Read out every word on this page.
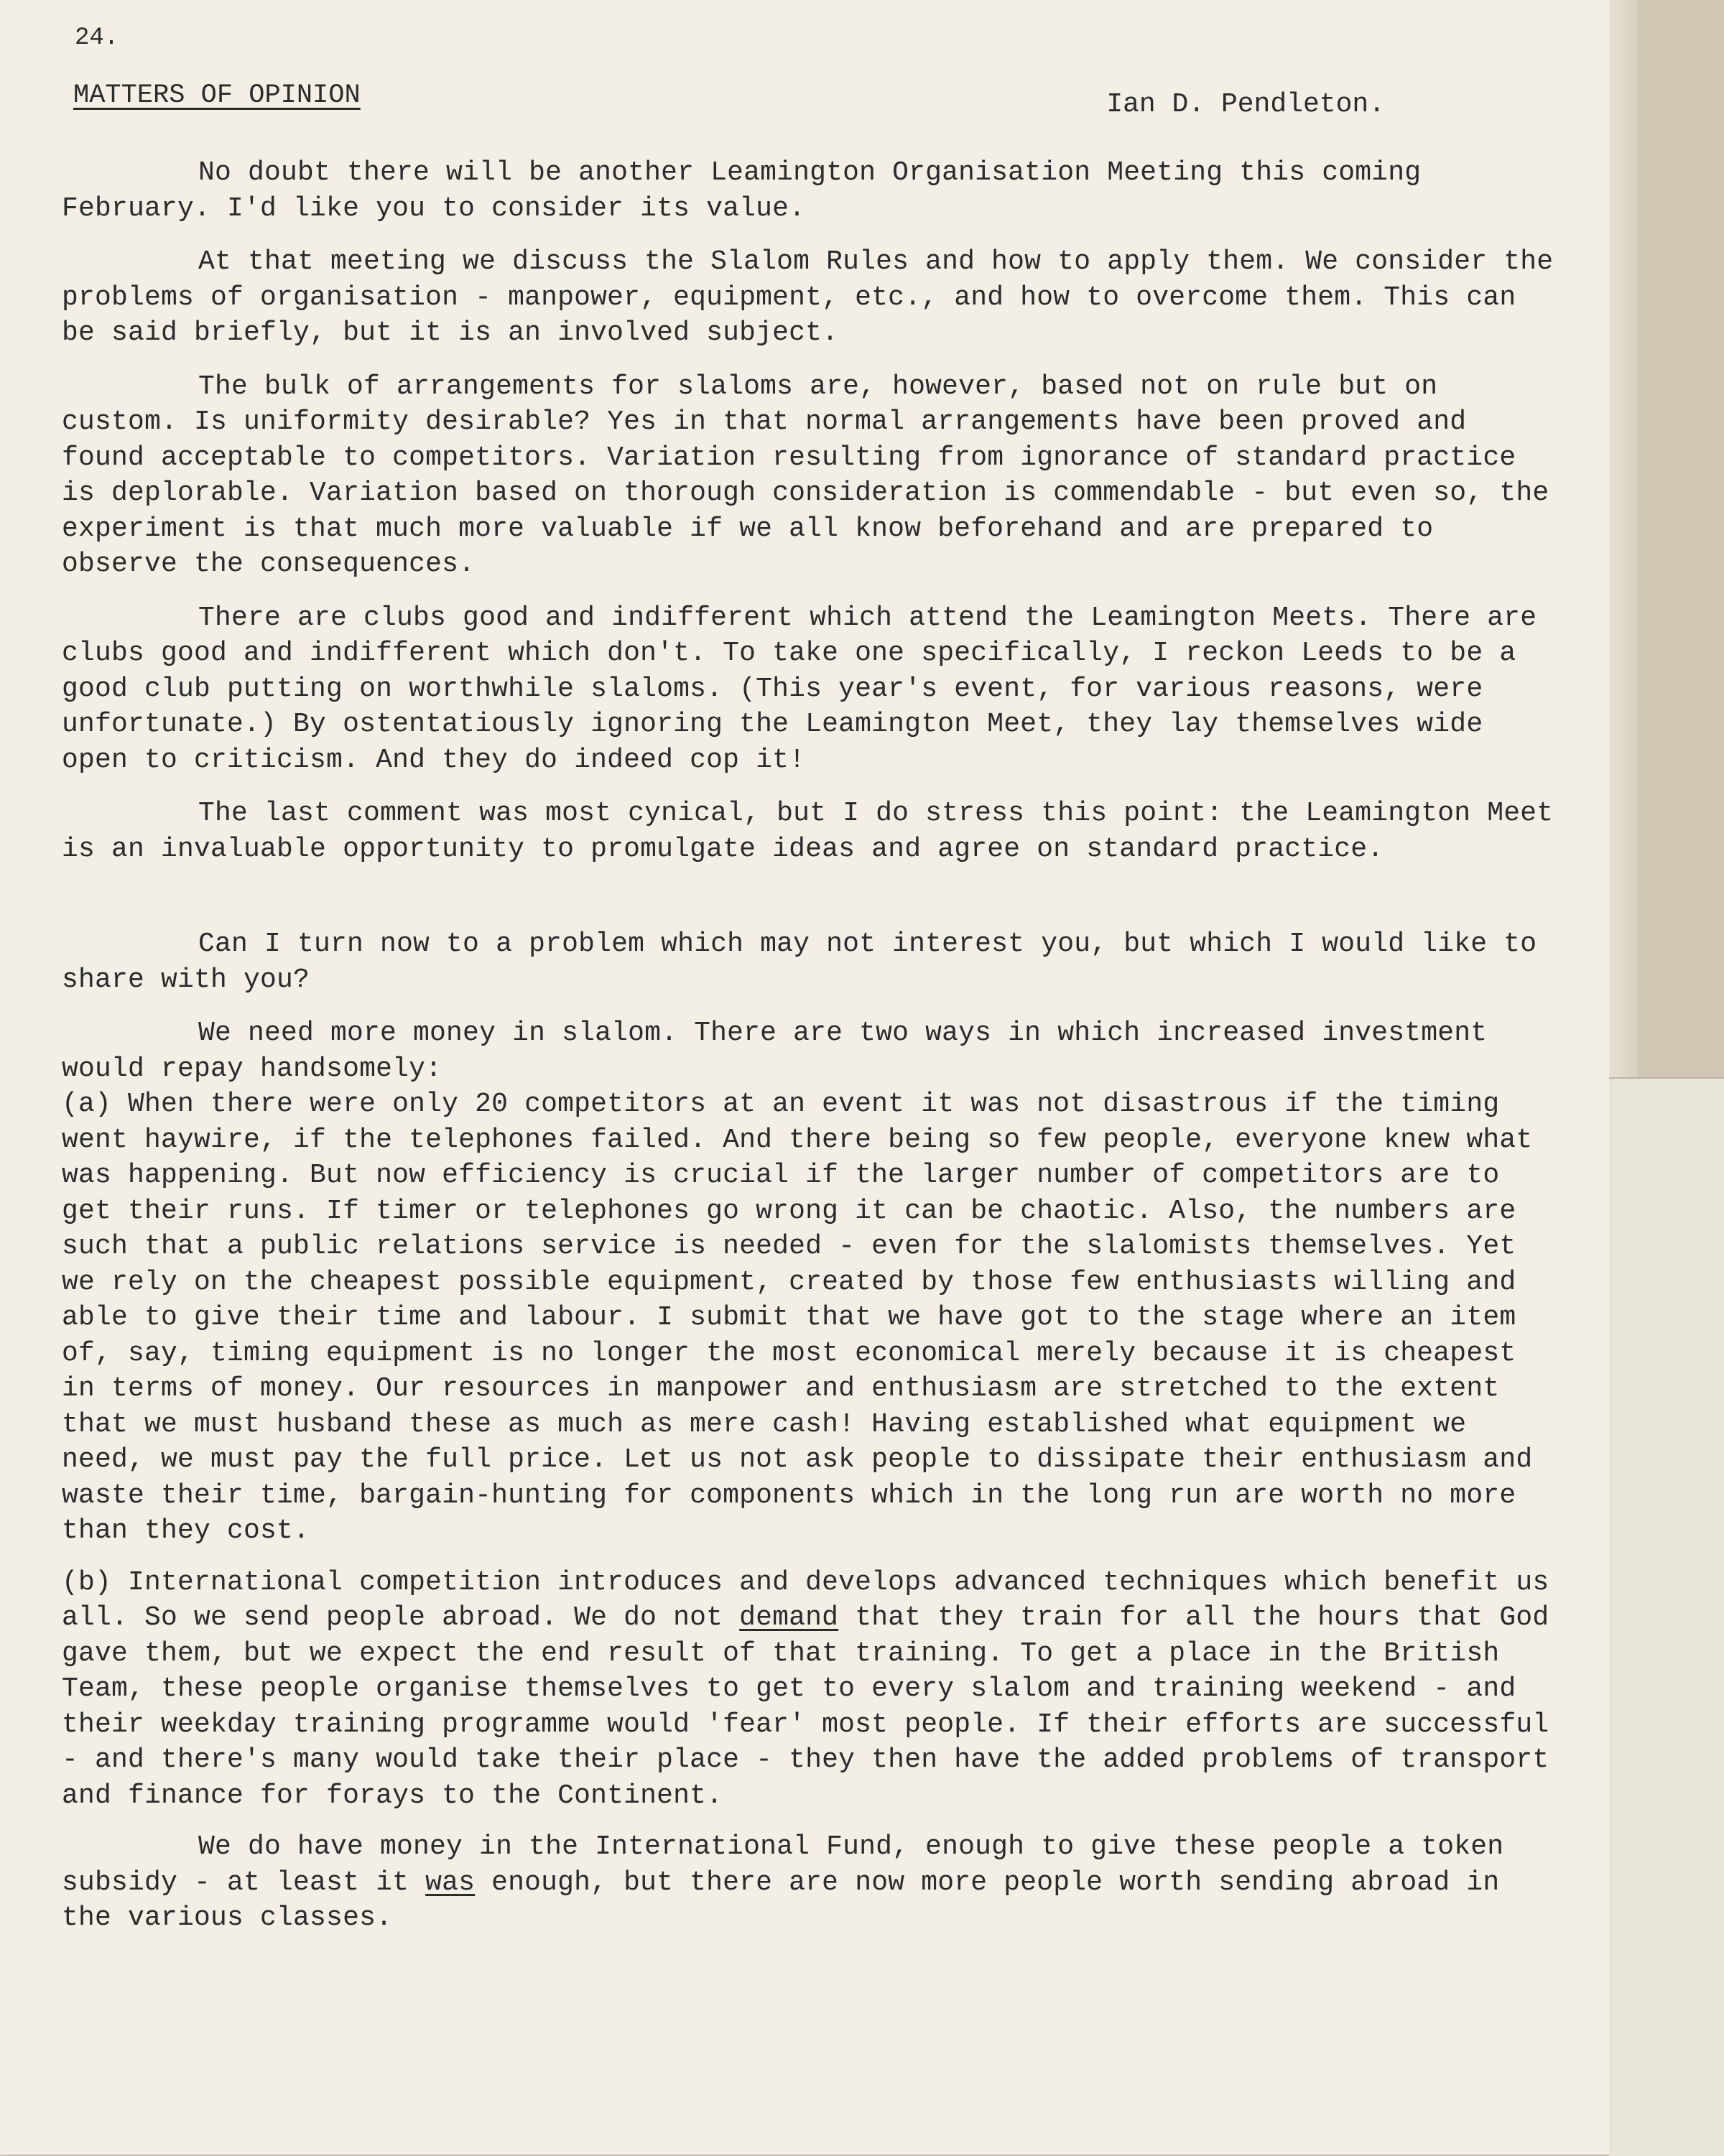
24.
MATTERS OF OPINION	Ian D. Pendleton.

No doubt there will be another Leamington Organisation Meeting this coming February. I'd like you to consider its value.

At that meeting we discuss the Slalom Rules and how to apply them. We consider the problems of organisation - manpower, equipment, etc., and how to overcome them. This can be said briefly, but it is an involved subject.

The bulk of arrangements for slaloms are, however, based not on rule but on custom. Is uniformity desirable? Yes in that normal arrangements have been proved and found acceptable to competitors. Variation resulting from ignorance of standard practice is deplorable. Variation based on thorough consideration is commendable - but even so, the experiment is that much more valuable if we all know beforehand and are prepared to observe the consequences.

There are clubs good and indifferent which attend the Leamington Meets. There are clubs good and indifferent which don't. To take one specifically, I reckon Leeds to be a good club putting on worthwhile slaloms. (This year's event, for various reasons, were unfortunate.) By ostentatiously ignoring the Leamington Meet, they lay themselves wide open to criticism. And they do indeed cop it!

The last comment was most cynical, but I do stress this point: the Leamington Meet is an invaluable opportunity to promulgate ideas and agree on standard practice.

Can I turn now to a problem which may not interest you, but which I would like to share with you?

We need more money in slalom. There are two ways in which increased investment would repay handsomely:

(a) When there were only 20 competitors at an event it was not disastrous if the timing went haywire, if the telephones failed. And there being so few people, everyone knew what was happening. But now efficiency is crucial if the larger number of competitors are to get their runs. If timer or telephones go wrong it can be chaotic. Also, the numbers are such that a public relations service is needed - even for the slalomists themselves. Yet we rely on the cheapest possible equipment, created by those few enthusiasts willing and able to give their time and labour. I submit that we have got to the stage where an item of, say, timing equipment is no longer the most economical merely because it is cheapest in terms of money. Our resources in manpower and enthusiasm are stretched to the extent that we must husband these as much as mere cash! Having established what equipment we need, we must pay the full price. Let us not ask people to dissipate their enthusiasm and waste their time, bargain-hunting for components which in the long run are worth no more than they cost.

(b) International competition introduces and develops advanced techniques which benefit us all. So we send people abroad. We do not demand that they train for all the hours that God gave them, but we expect the end result of that training. To get a place in the British Team, these people organise themselves to get to every slalom and training weekend - and their weekday training programme would 'fear' most people. If their efforts are successful - and there's many would take their place - they then have the added problems of transport and finance for forays to the Continent.

We do have money in the International Fund, enough to give these people a token subsidy - at least it was enough, but there are now more people worth sending abroad in the various classes.
